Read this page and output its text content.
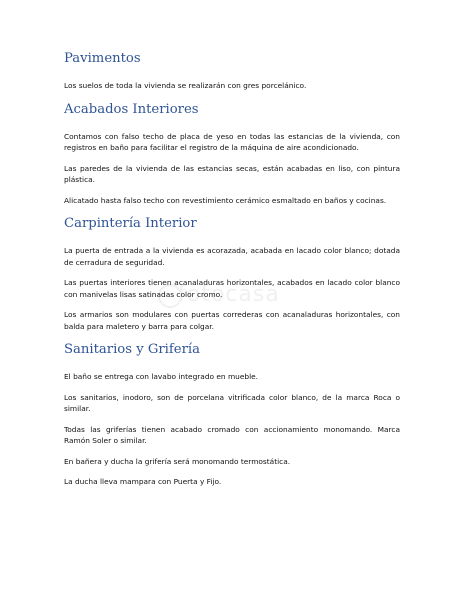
fotocasa
Pavimentos

Los suelos de toda la vivienda se realizarán con gres porcelánico.

Acabados Interiores

Contamos con falso techo de placa de yeso en todas las estancias de la vivienda, con registros en baño para facilitar el registro de la máquina de aire acondicionado.

Las paredes de la vivienda de las estancias secas, están acabadas en liso, con pintura plástica.

Alicatado hasta falso techo con revestimiento cerámico esmaltado en baños y cocinas.

Carpintería Interior

La puerta de entrada a la vivienda es acorazada, acabada en lacado color blanco; dotada de cerradura de seguridad.

Las puertas interiores tienen acanaladuras horizontales, acabados en lacado color blanco con manivelas lisas satinadas color cromo.

Los armarios son modulares con puertas correderas con acanaladuras horizontales, con balda para maletero y barra para colgar.

Sanitarios y Grifería

El baño se entrega con lavabo integrado en mueble.

Los sanitarios, inodoro, son de porcelana vitrificada color blanco, de la marca Roca o similar.

Todas las griferías tienen acabado cromado con accionamiento monomando. Marca Ramón Soler o similar.

En bañera y ducha la grifería será monomando termostática.

La ducha lleva mampara con Puerta y Fijo.
